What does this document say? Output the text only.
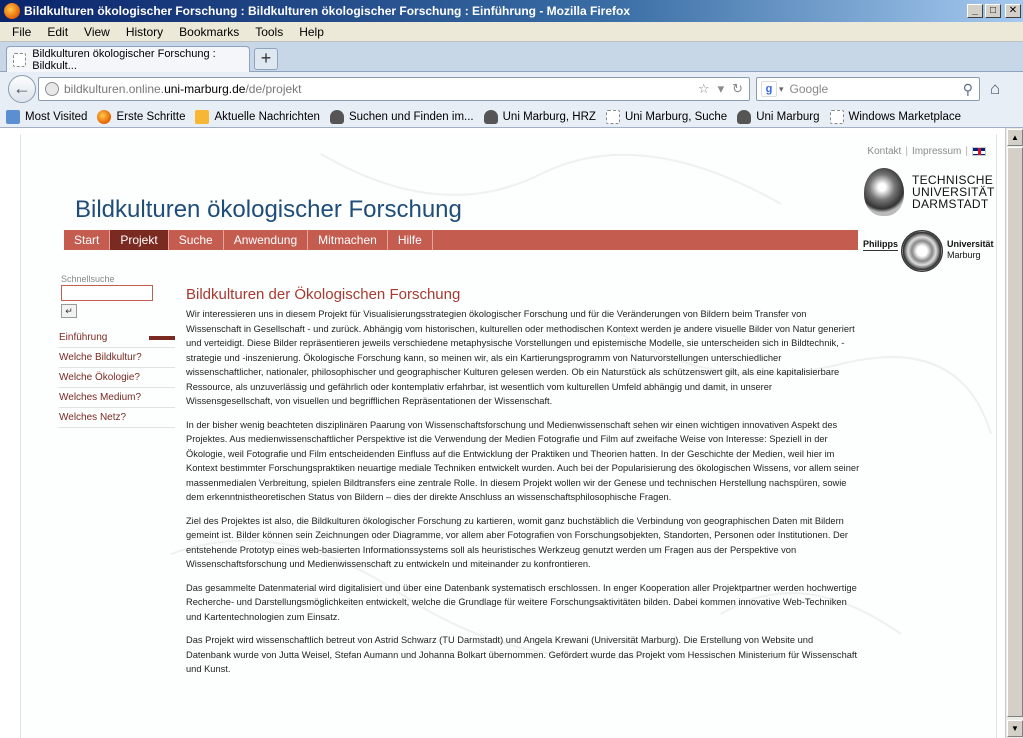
Bildkulturen ökologischer Forschung : Bildkulturen ökologischer Forschung : Einführung - Mozilla Firefox	_	□	✕
File	Edit	View	History	Bookmarks	Tools	Help
Bildkulturen ökologischer Forschung : Bildkult...	+
←	bildkulturen.online.uni-marburg.de/de/projekt	☆ ▾ ↻	g ▾ Google	⚲ ⌂
Most Visited	Erste Schritte	Aktuelle Nachrichten	Suchen und Finden im...	Uni Marburg, HRZ	Uni Marburg, Suche	Uni Marburg	Windows Marketplace
Kontakt | Impressum |
TECHNISCHE
UNIVERSITÄT
DARMSTADT
Philipps	Universität
Marburg
Bildkulturen ökologischer Forschung
Start	Projekt	Suche	Anwendung	Mitmachen	Hilfe
Schnellsuche
↵
Einführung
Welche Bildkultur?
Welche Ökologie?
Welches Medium?
Welches Netz?
Bildkulturen der Ökologischen Forschung

Wir interessieren uns in diesem Projekt für Visualisierungsstrategien ökologischer Forschung und für die Veränderungen von Bildern beim Transfer von Wissenschaft in Gesellschaft - und zurück. Abhängig vom historischen, kulturellen oder methodischen Kontext werden je andere visuelle Bilder von Natur generiert und verteidigt. Diese Bilder repräsentieren jeweils verschiedene metaphysische Vorstellungen und epistemische Modelle, sie unterscheiden sich in Bildtechnik, -strategie und -inszenierung. Ökologische Forschung kann, so meinen wir, als ein Kartierungsprogramm von Naturvorstellungen unterschiedlicher wissenschaftlicher, nationaler, philosophischer und geographischer Kulturen gelesen werden. Ob ein Naturstück als schützenswert gilt, als eine kapitalisierbare Ressource, als unzuverlässig und gefährlich oder kontemplativ erfahrbar, ist wesentlich vom kulturellen Umfeld abhängig und damit, in unserer Wissensgesellschaft, von visuellen und begrifflichen Repräsentationen der Wissenschaft.

In der bisher wenig beachteten disziplinären Paarung von Wissenschaftsforschung und Medienwissenschaft sehen wir einen wichtigen innovativen Aspekt des Projektes. Aus medienwissenschaftlicher Perspektive ist die Verwendung der Medien Fotografie und Film auf zweifache Weise von Interesse: Speziell in der Ökologie, weil Fotografie und Film entscheidenden Einfluss auf die Entwicklung der Praktiken und Theorien hatten. In der Geschichte der Medien, weil hier im Kontext bestimmter Forschungspraktiken neuartige mediale Techniken entwickelt wurden. Auch bei der Popularisierung des ökologischen Wissens, vor allem seiner massenmedialen Verbreitung, spielen Bildtransfers eine zentrale Rolle. In diesem Projekt wollen wir der Genese und technischen Herstellung nachspüren, sowie dem erkenntnistheoretischen Status von Bildern – dies der direkte Anschluss an wissenschaftsphilosophische Fragen.

Ziel des Projektes ist also, die Bildkulturen ökologischer Forschung zu kartieren, womit ganz buchstäblich die Verbindung von geographischen Daten mit Bildern gemeint ist. Bilder können sein Zeichnungen oder Diagramme, vor allem aber Fotografien von Forschungsobjekten, Standorten, Personen oder Institutionen. Der entstehende Prototyp eines web-basierten Informationssystems soll als heuristisches Werkzeug genutzt werden um Fragen aus der Perspektive von Wissenschaftsforschung und Medienwissenschaft zu entwickeln und miteinander zu konfrontieren.

Das gesammelte Datenmaterial wird digitalisiert und über eine Datenbank systematisch erschlossen. In enger Kooperation aller Projektpartner werden hochwertige Recherche- und Darstellungsmöglichkeiten entwickelt, welche die Grundlage für weitere Forschungsaktivitäten bilden. Dabei kommen innovative Web-Techniken und Kartentechnologien zum Einsatz.

Das Projekt wird wissenschaftlich betreut von Astrid Schwarz (TU Darmstadt) und Angela Krewani (Universität Marburg). Die Erstellung von Website und Datenbank wurde von Jutta Weisel, Stefan Aumann und Johanna Bolkart übernommen. Gefördert wurde das Projekt vom Hessischen Ministerium für Wissenschaft und Kunst.

▲
▼
